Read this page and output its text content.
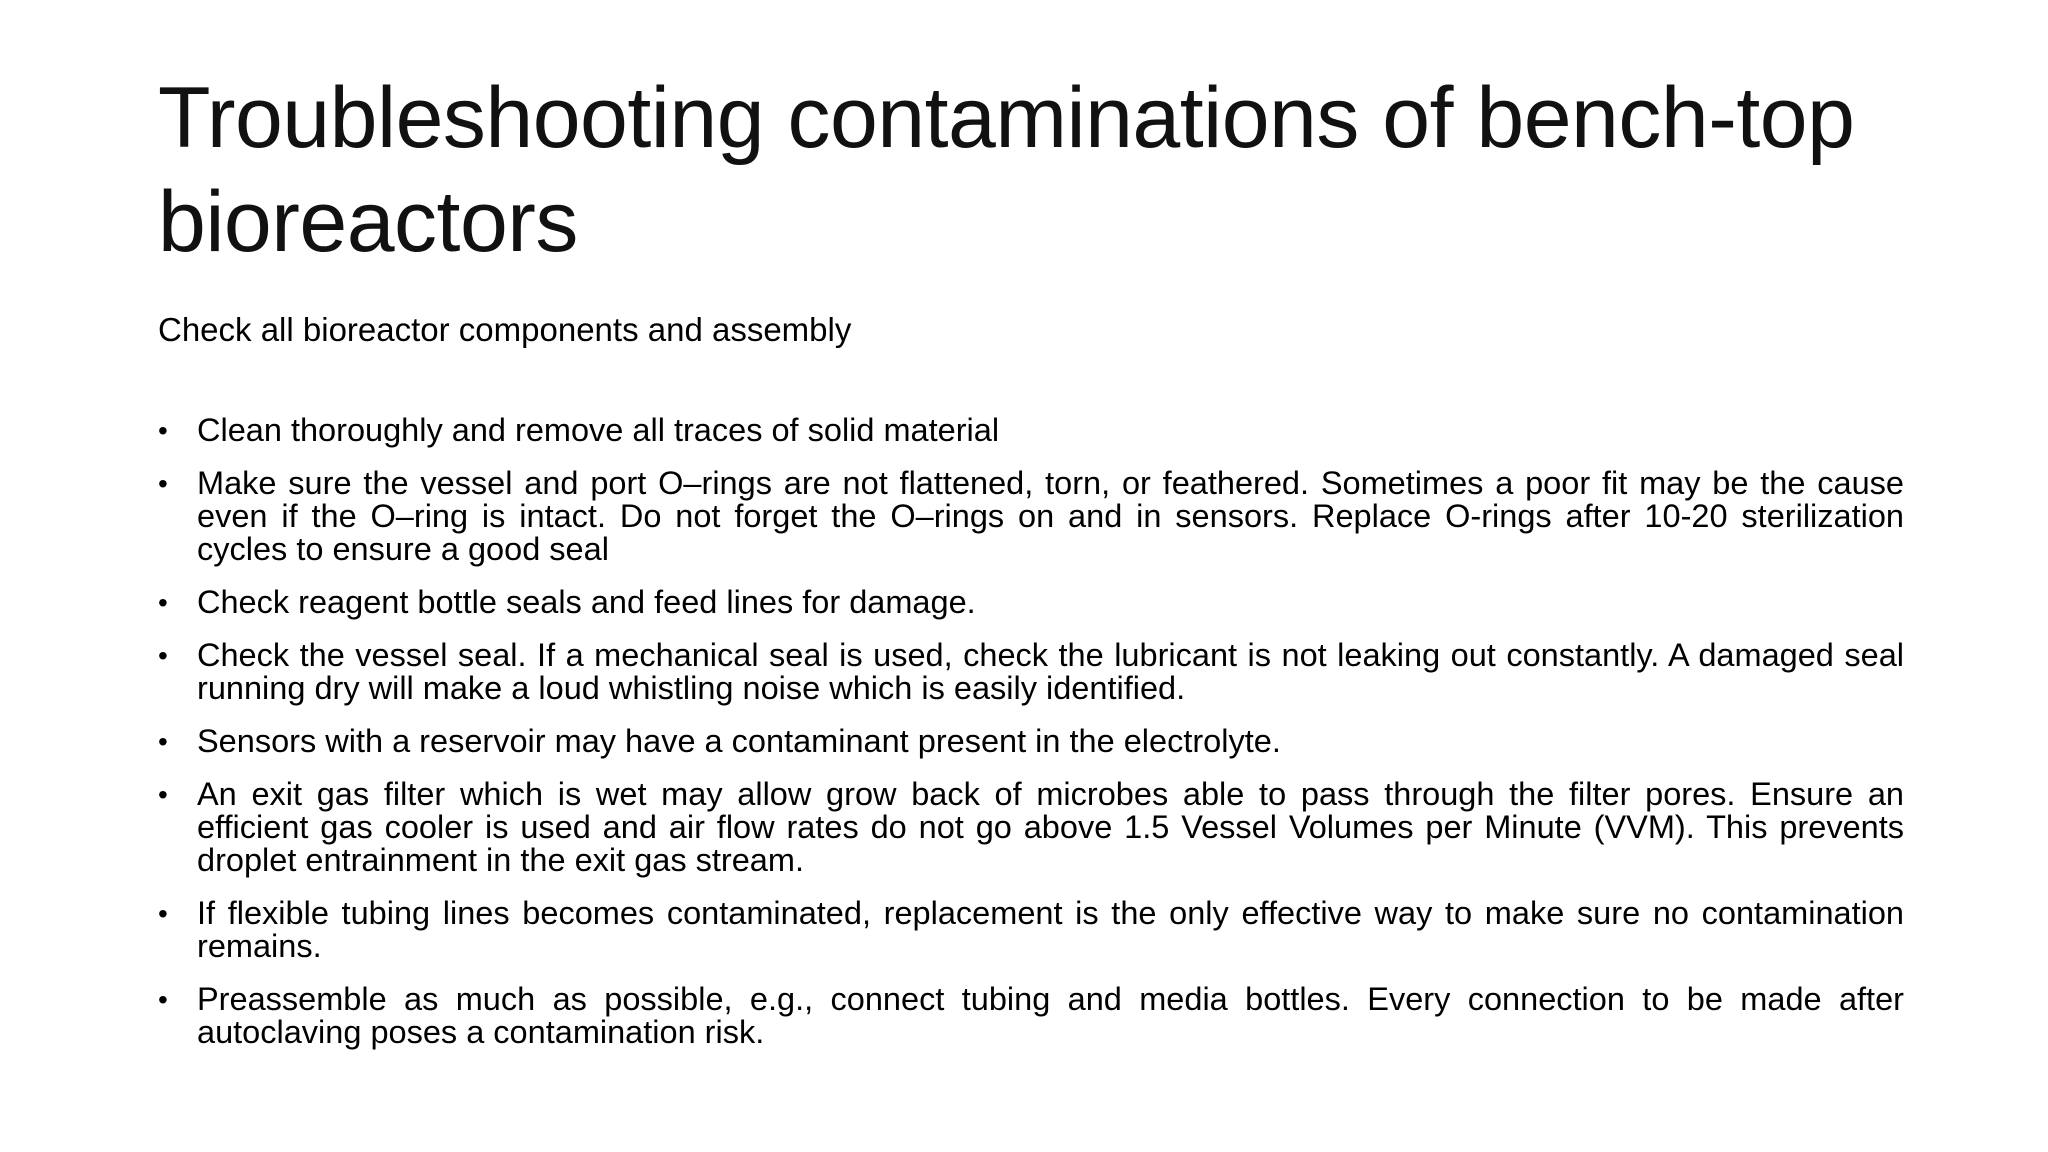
Troubleshooting contaminations of bench-top bioreactors

Check all bioreactor components and assembly

• Clean thoroughly and remove all traces of solid material
• Make sure the vessel and port O–rings are not flattened, torn, or feathered. Sometimes a poor fit may be the cause even if the O–ring is intact. Do not forget the O–rings on and in sensors. Replace O-rings after 10-20 sterilization cycles to ensure a good seal
• Check reagent bottle seals and feed lines for damage.
• Check the vessel seal. If a mechanical seal is used, check the lubricant is not leaking out constantly. A damaged seal running dry will make a loud whistling noise which is easily identified.
• Sensors with a reservoir may have a contaminant present in the electrolyte.
• An exit gas filter which is wet may allow grow back of microbes able to pass through the filter pores. Ensure an efficient gas cooler is used and air flow rates do not go above 1.5 Vessel Volumes per Minute (VVM). This prevents droplet entrainment in the exit gas stream.
• If flexible tubing lines becomes contaminated, replacement is the only effective way to make sure no contamination remains.
• Preassemble as much as possible, e.g., connect tubing and media bottles. Every connection to be made after autoclaving poses a contamination risk.
